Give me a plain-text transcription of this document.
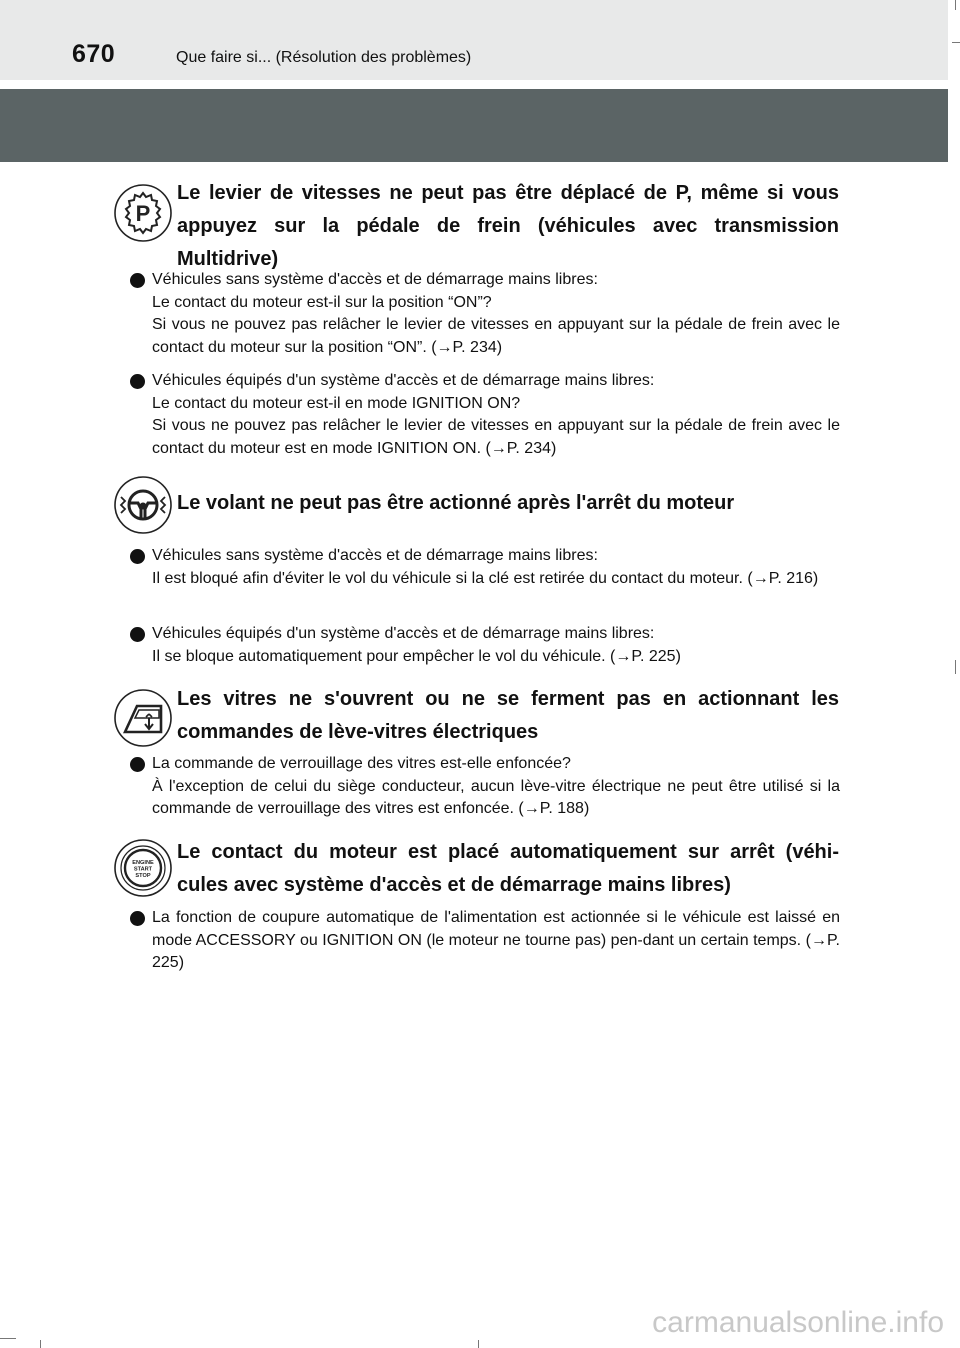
670	Que faire si... (Résolution des problèmes)
P
Le levier de vitesses ne peut pas être déplacé de P, même si vous appuyez sur la pédale de frein (véhicules avec transmission Multidrive)
Véhicules sans système d'accès et de démarrage mains libres:
Le contact du moteur est-il sur la position “ON”?
Si vous ne pouvez pas relâcher le levier de vitesses en appuyant sur la pédale de frein avec le contact du moteur sur la position “ON”. (→P. 234)
Véhicules équipés d'un système d'accès et de démarrage mains libres:
Le contact du moteur est-il en mode IGNITION ON?
Si vous ne pouvez pas relâcher le levier de vitesses en appuyant sur la pédale de frein avec le contact du moteur est en mode IGNITION ON. (→P. 234)
Le volant ne peut pas être actionné après l'arrêt du moteur
Véhicules sans système d'accès et de démarrage mains libres:
Il est bloqué afin d'éviter le vol du véhicule si la clé est retirée du contact du moteur. (→P. 216)
Véhicules équipés d'un système d'accès et de démarrage mains libres:
Il se bloque automatiquement pour empêcher le vol du véhicule. (→P. 225)
Les vitres ne s'ouvrent ou ne se ferment pas en actionnant les commandes de lève-vitres électriques
La commande de verrouillage des vitres est-elle enfoncée?
À l'exception de celui du siège conducteur, aucun lève-vitre électrique ne peut être utilisé si la commande de verrouillage des vitres est enfoncée. (→P. 188)
ENGINE
START
STOP
Le contact du moteur est placé automatiquement sur arrêt (véhi-cules avec système d'accès et de démarrage mains libres)
La fonction de coupure automatique de l'alimentation est actionnée si le véhicule est laissé en mode ACCESSORY ou IGNITION ON (le moteur ne tourne pas) pen-dant un certain temps. (→P. 225)
carmanualsonline.info
